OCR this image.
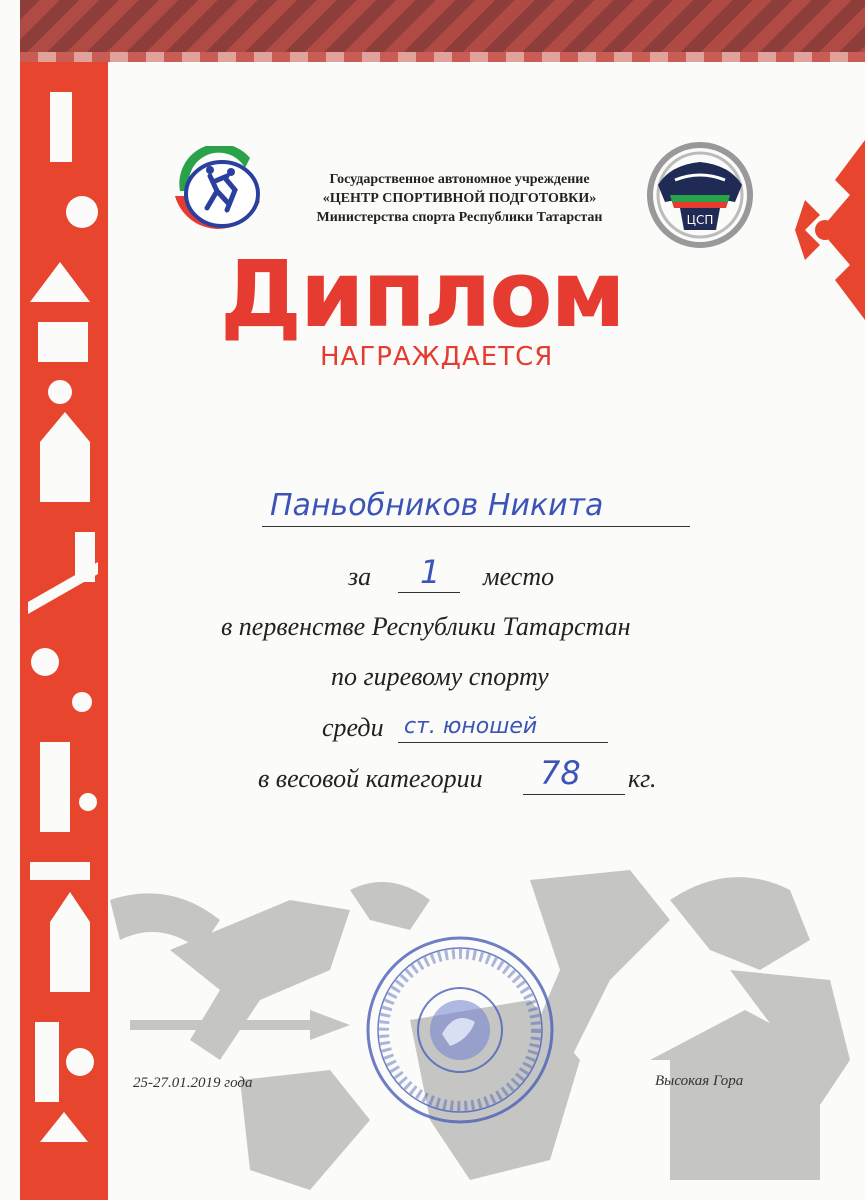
Государственное автономное учреждение
«ЦЕНТР СПОРТИВНОЙ ПОДГОТОВКИ»
Министерства спорта Республики Татарстан	ЦСП
Диплом
НАГРАЖДАЕТСЯ
Паньобников Никита
за 1 место
в первенстве Республики Татарстан
по гиревому спорту
среди ст. юношей
в весовой категории 78 кг.
25-27.01.2019 года	Высокая Гора
